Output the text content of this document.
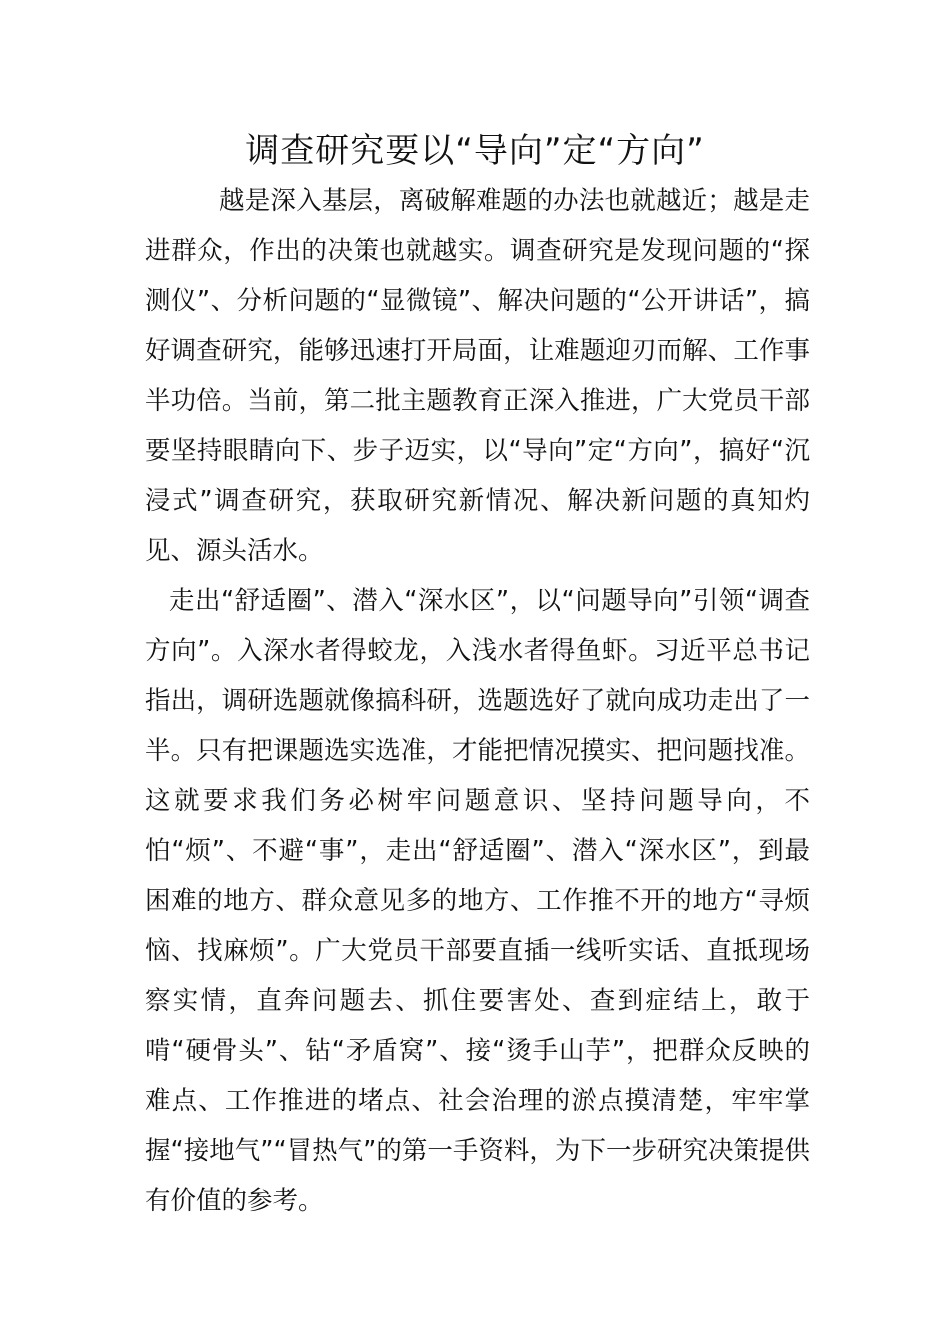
调查研究要以“导向”定“方向”

越是深入基层，离破解难题的办法也就越近；越是走进群众，作出的决策也就越实。调查研究是发现问题的“探测仪”、分析问题的“显微镜”、解决问题的“公开讲话”，搞好调查研究，能够迅速打开局面，让难题迎刃而解、工作事半功倍。当前，第二批主题教育正深入推进，广大党员干部要坚持眼睛向下、步子迈实，以“导向”定“方向”，搞好“沉浸式”调查研究，获取研究新情况、解决新问题的真知灼见、源头活水。

走出“舒适圈”、潜入“深水区”，以“问题导向”引领“调查方向”。入深水者得蛟龙，入浅水者得鱼虾。习近平总书记指出，调研选题就像搞科研，选题选好了就向成功走出了一半。只有把课题选实选准，才能把情况摸实、把问题找准。这就要求我们务必树牢问题意识、坚持问题导向，不怕“烦”、不避“事”，走出“舒适圈”、潜入“深水区”，到最困难的地方、群众意见多的地方、工作推不开的地方“寻烦恼、找麻烦”。广大党员干部要直插一线听实话、直抵现场察实情，直奔问题去、抓住要害处、查到症结上，敢于啃“硬骨头”、钻“矛盾窝”、接“烫手山芋”，把群众反映的难点、工作推进的堵点、社会治理的淤点摸清楚，牢牢掌握“接地气”“冒热气”的第一手资料，为下一步研究决策提供有价值的参考。
